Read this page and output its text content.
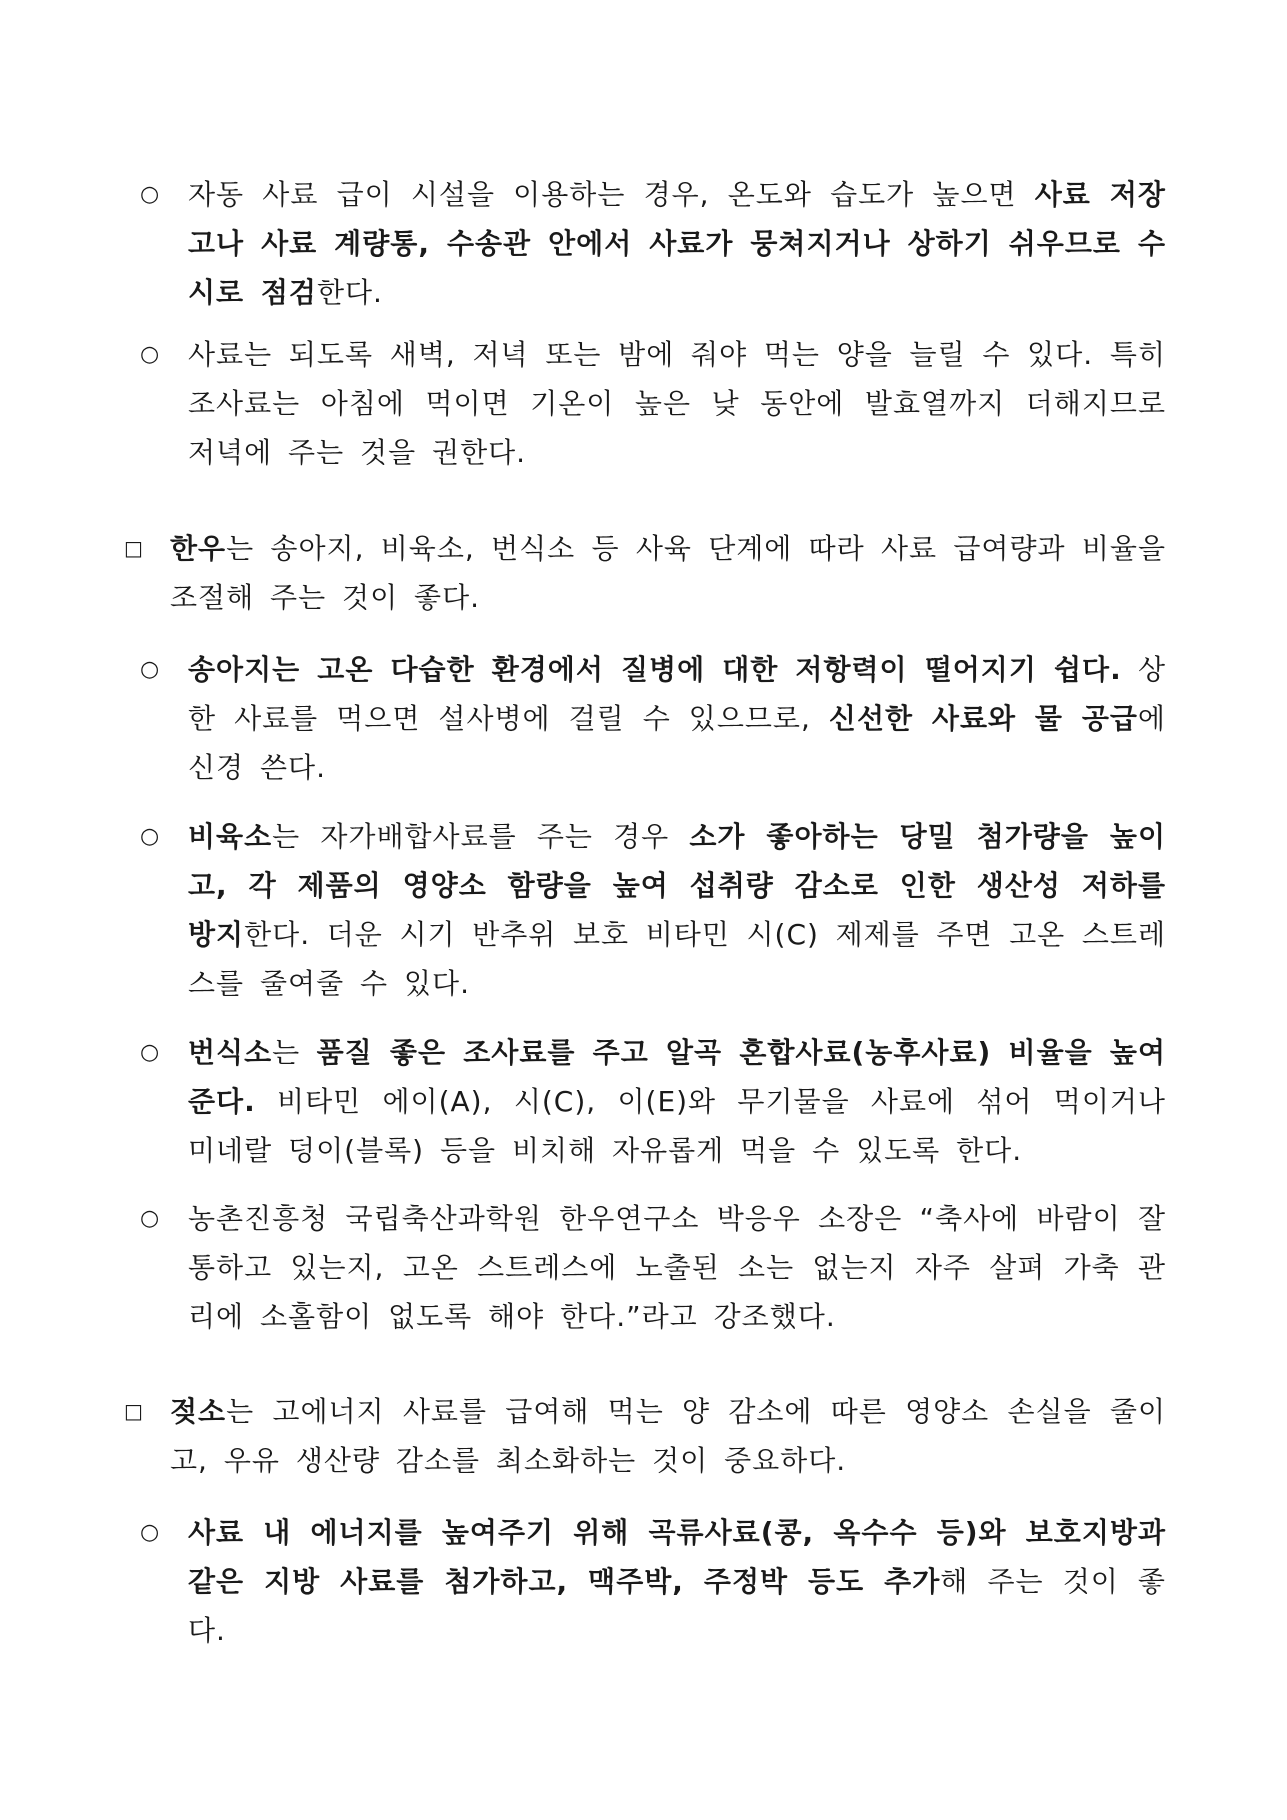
○ 자동 사료 급이 시설을 이용하는 경우, 온도와 습도가 높으면 사료 저장고나 사료 계량통, 수송관 안에서 사료가 뭉쳐지거나 상하기 쉬우므로 수시로 점검한다.
○ 사료는 되도록 새벽, 저녁 또는 밤에 줘야 먹는 양을 늘릴 수 있다. 특히 조사료는 아침에 먹이면 기온이 높은 낮 동안에 발효열까지 더해지므로 저녁에 주는 것을 권한다.
□ 한우는 송아지, 비육소, 번식소 등 사육 단계에 따라 사료 급여량과 비율을 조절해 주는 것이 좋다.
○ 송아지는 고온 다습한 환경에서 질병에 대한 저항력이 떨어지기 쉽다. 상한 사료를 먹으면 설사병에 걸릴 수 있으므로, 신선한 사료와 물 공급에 신경 쓴다.
○ 비육소는 자가배합사료를 주는 경우 소가 좋아하는 당밀 첨가량을 높이고, 각 제품의 영양소 함량을 높여 섭취량 감소로 인한 생산성 저하를 방지한다. 더운 시기 반추위 보호 비타민 시(C) 제제를 주면 고온 스트레스를 줄여줄 수 있다.
○ 번식소는 품질 좋은 조사료를 주고 알곡 혼합사료(농후사료) 비율을 높여준다. 비타민 에이(A), 시(C), 이(E)와 무기물을 사료에 섞어 먹이거나 미네랄 덩이(블록) 등을 비치해 자유롭게 먹을 수 있도록 한다.
○ 농촌진흥청 국립축산과학원 한우연구소 박응우 소장은 “축사에 바람이 잘 통하고 있는지, 고온 스트레스에 노출된 소는 없는지 자주 살펴 가축 관리에 소홀함이 없도록 해야 한다.”라고 강조했다.
□ 젖소는 고에너지 사료를 급여해 먹는 양 감소에 따른 영양소 손실을 줄이고, 우유 생산량 감소를 최소화하는 것이 중요하다.
○ 사료 내 에너지를 높여주기 위해 곡류사료(콩, 옥수수 등)와 보호지방과 같은 지방 사료를 첨가하고, 맥주박, 주정박 등도 추가해 주는 것이 좋다.
